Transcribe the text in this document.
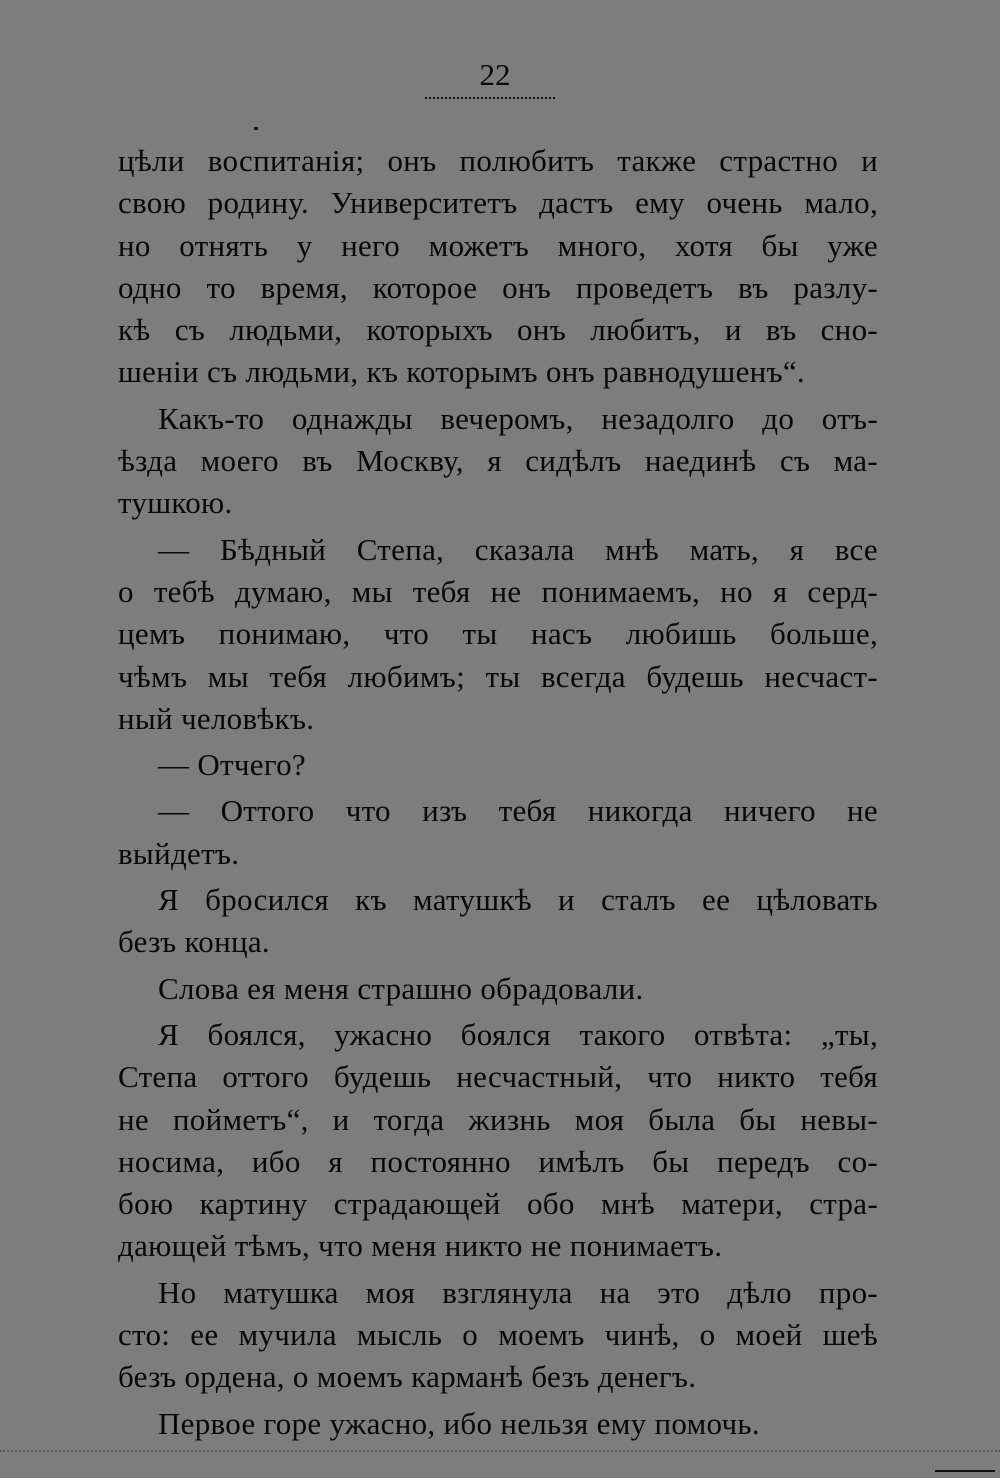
22
цѣли воспитанія; онъ полюбитъ также страстно и
свою родину. Университетъ дастъ ему очень мало,
но отнять у него можетъ много, хотя бы уже
одно то время, которое онъ проведетъ въ разлу-
кѣ съ людьми, которыхъ онъ любитъ, и въ сно-
шеніи съ людьми, къ которымъ онъ равнодушенъ“.
Какъ-то однажды вечеромъ, незадолго до отъ-
ѣзда моего въ Москву, я сидѣлъ наединѣ съ ма-
тушкою.
— Бѣдный Степа, сказала мнѣ мать, я все
о тебѣ думаю, мы тебя не понимаемъ, но я серд-
цемъ понимаю, что ты насъ любишь больше,
чѣмъ мы тебя любимъ; ты всегда будешь несчаст-
ный человѣкъ.
— Отчего?
— Оттого что изъ тебя никогда ничего не
выйдетъ.
Я бросился къ матушкѣ и сталъ ее цѣловать
безъ конца.
Слова ея меня страшно обрадовали.
Я боялся, ужасно боялся такого отвѣта: „ты,
Степа оттого будешь несчастный, что никто тебя
не пойметъ“, и тогда жизнь моя была бы невы-
носима, ибо я постоянно имѣлъ бы передъ со-
бою картину страдающей обо мнѣ матери, стра-
дающей тѣмъ, что меня никто не понимаетъ.
Но матушка моя взглянула на это дѣло про-
сто: ее мучила мысль о моемъ чинѣ, о моей шеѣ
безъ ордена, о моемъ карманѣ безъ денегъ.
Первое горе ужасно, ибо нельзя ему помочь.
